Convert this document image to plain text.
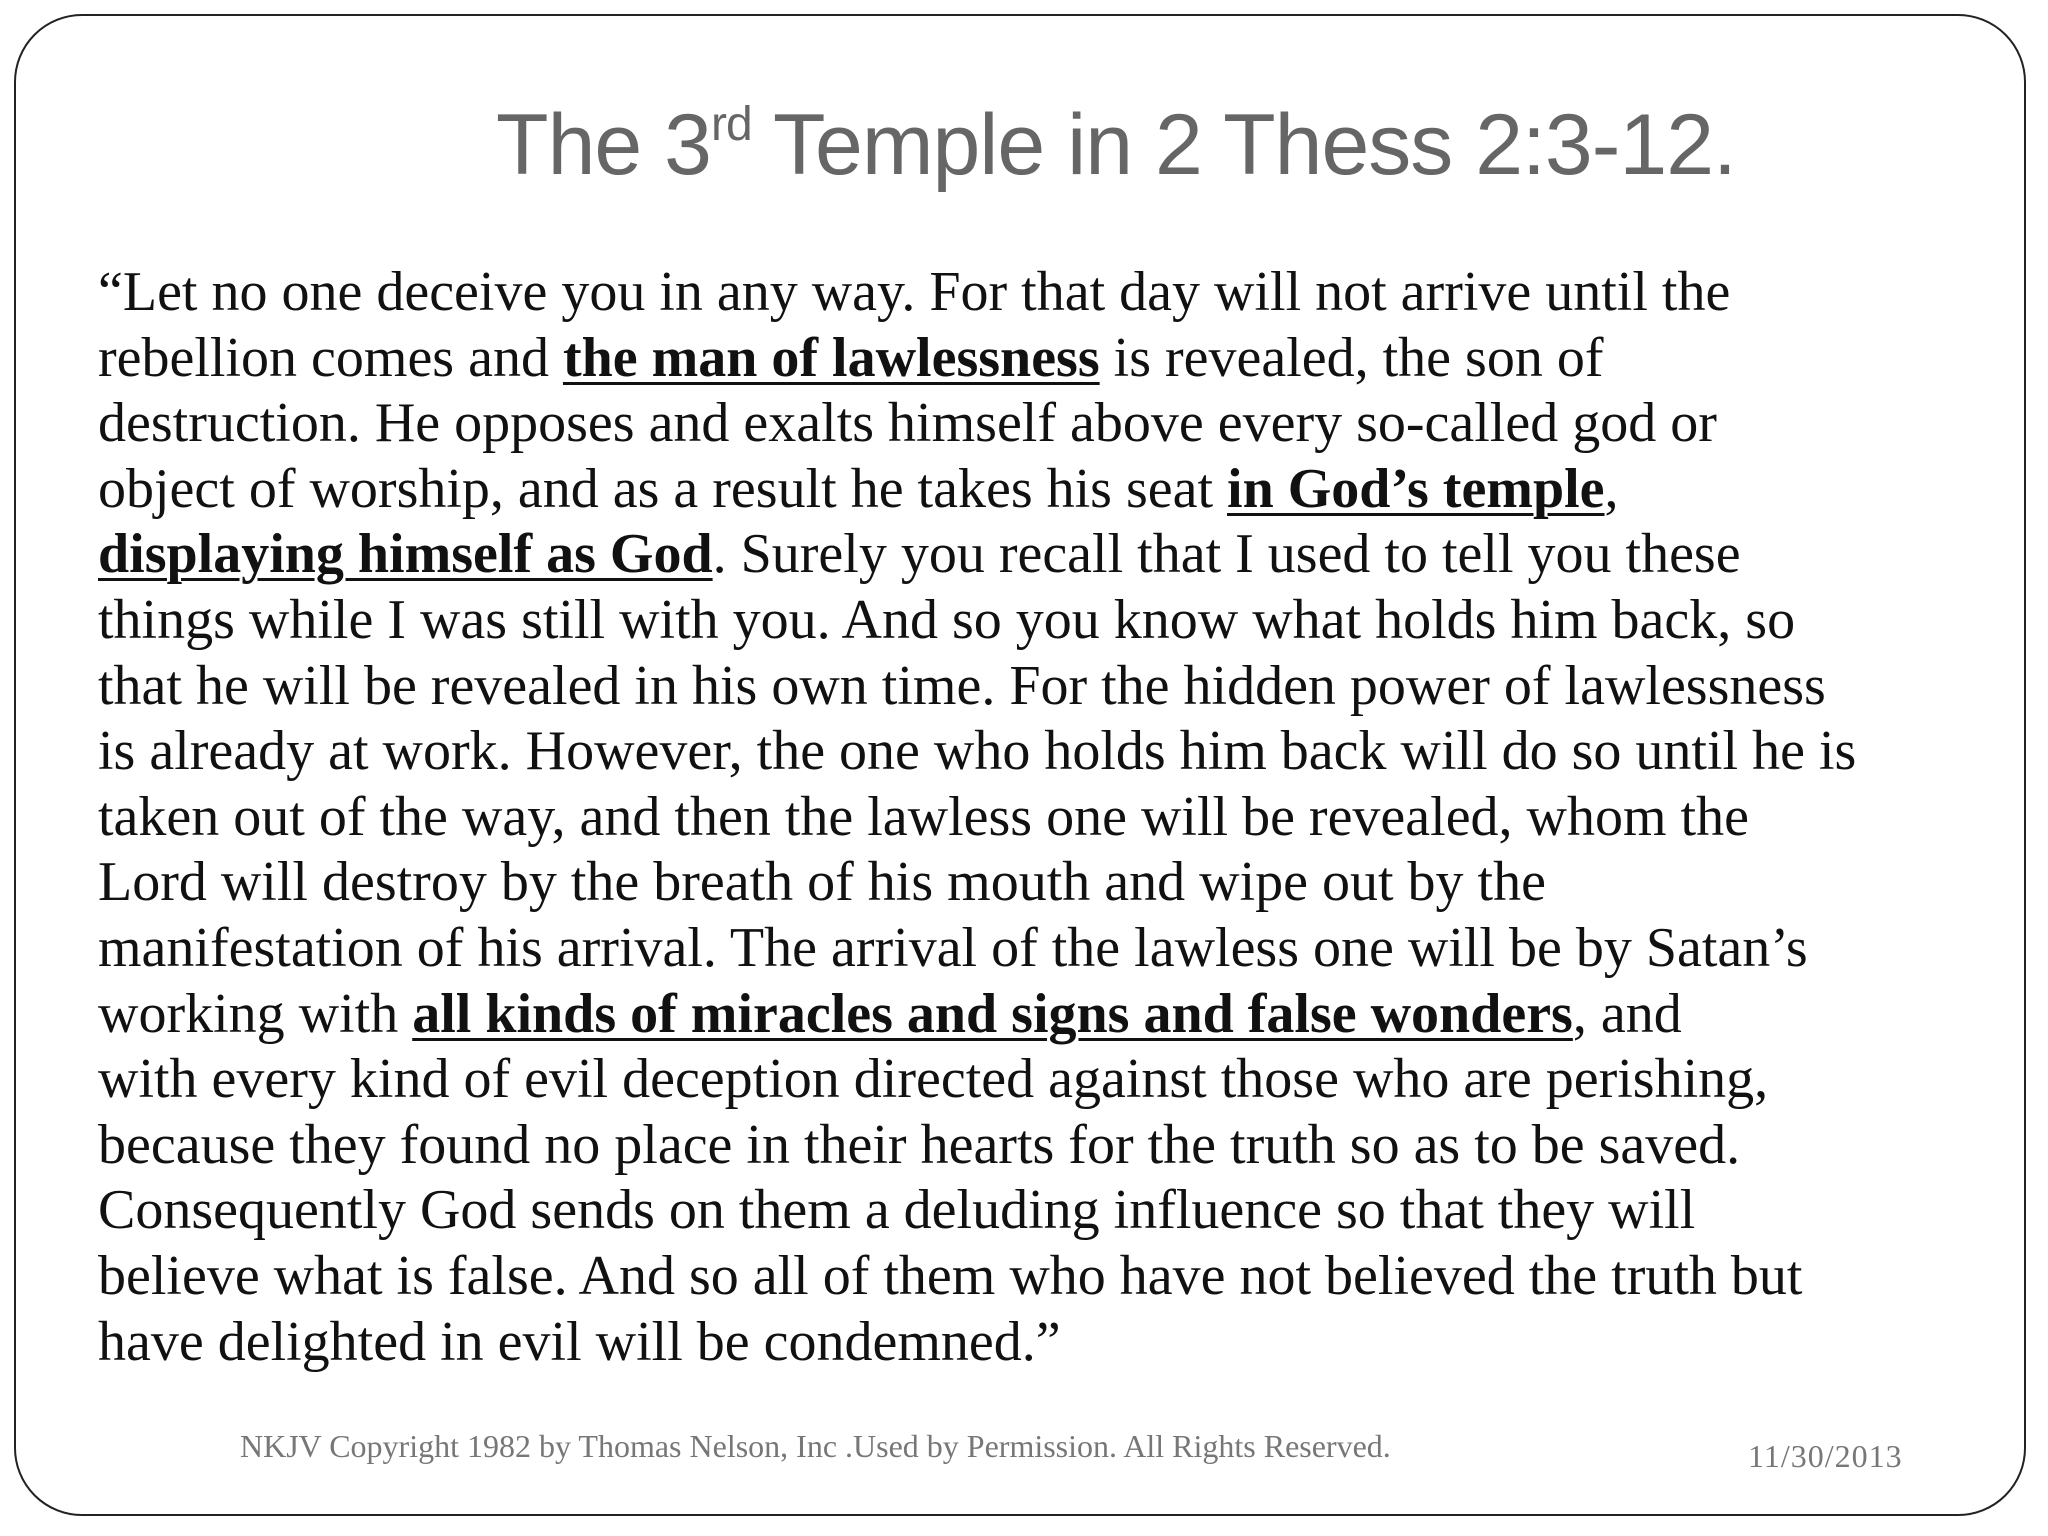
The 3rd Temple in 2 Thess 2:3-12.
“Let no one deceive you in any way. For that day will not arrive until the
rebellion comes and the man of lawlessness is revealed, the son of
destruction. He opposes and exalts himself above every so-called god or
object of worship, and as a result he takes his seat in God’s temple,
displaying himself as God. Surely you recall that I used to tell you these
things while I was still with you. And so you know what holds him back, so
that he will be revealed in his own time. For the hidden power of lawlessness
is already at work. However, the one who holds him back will do so until he is
taken out of the way, and then the lawless one will be revealed, whom the
Lord will destroy by the breath of his mouth and wipe out by the
manifestation of his arrival. The arrival of the lawless one will be by Satan’s
working with all kinds of miracles and signs and false wonders, and
with every kind of evil deception directed against those who are perishing,
because they found no place in their hearts for the truth so as to be saved.
Consequently God sends on them a deluding influence so that they will
believe what is false. And so all of them who have not believed the truth but
have delighted in evil will be condemned.”
NKJV Copyright 1982 by Thomas Nelson, Inc .Used by Permission. All Rights Reserved.	11/30/2013
